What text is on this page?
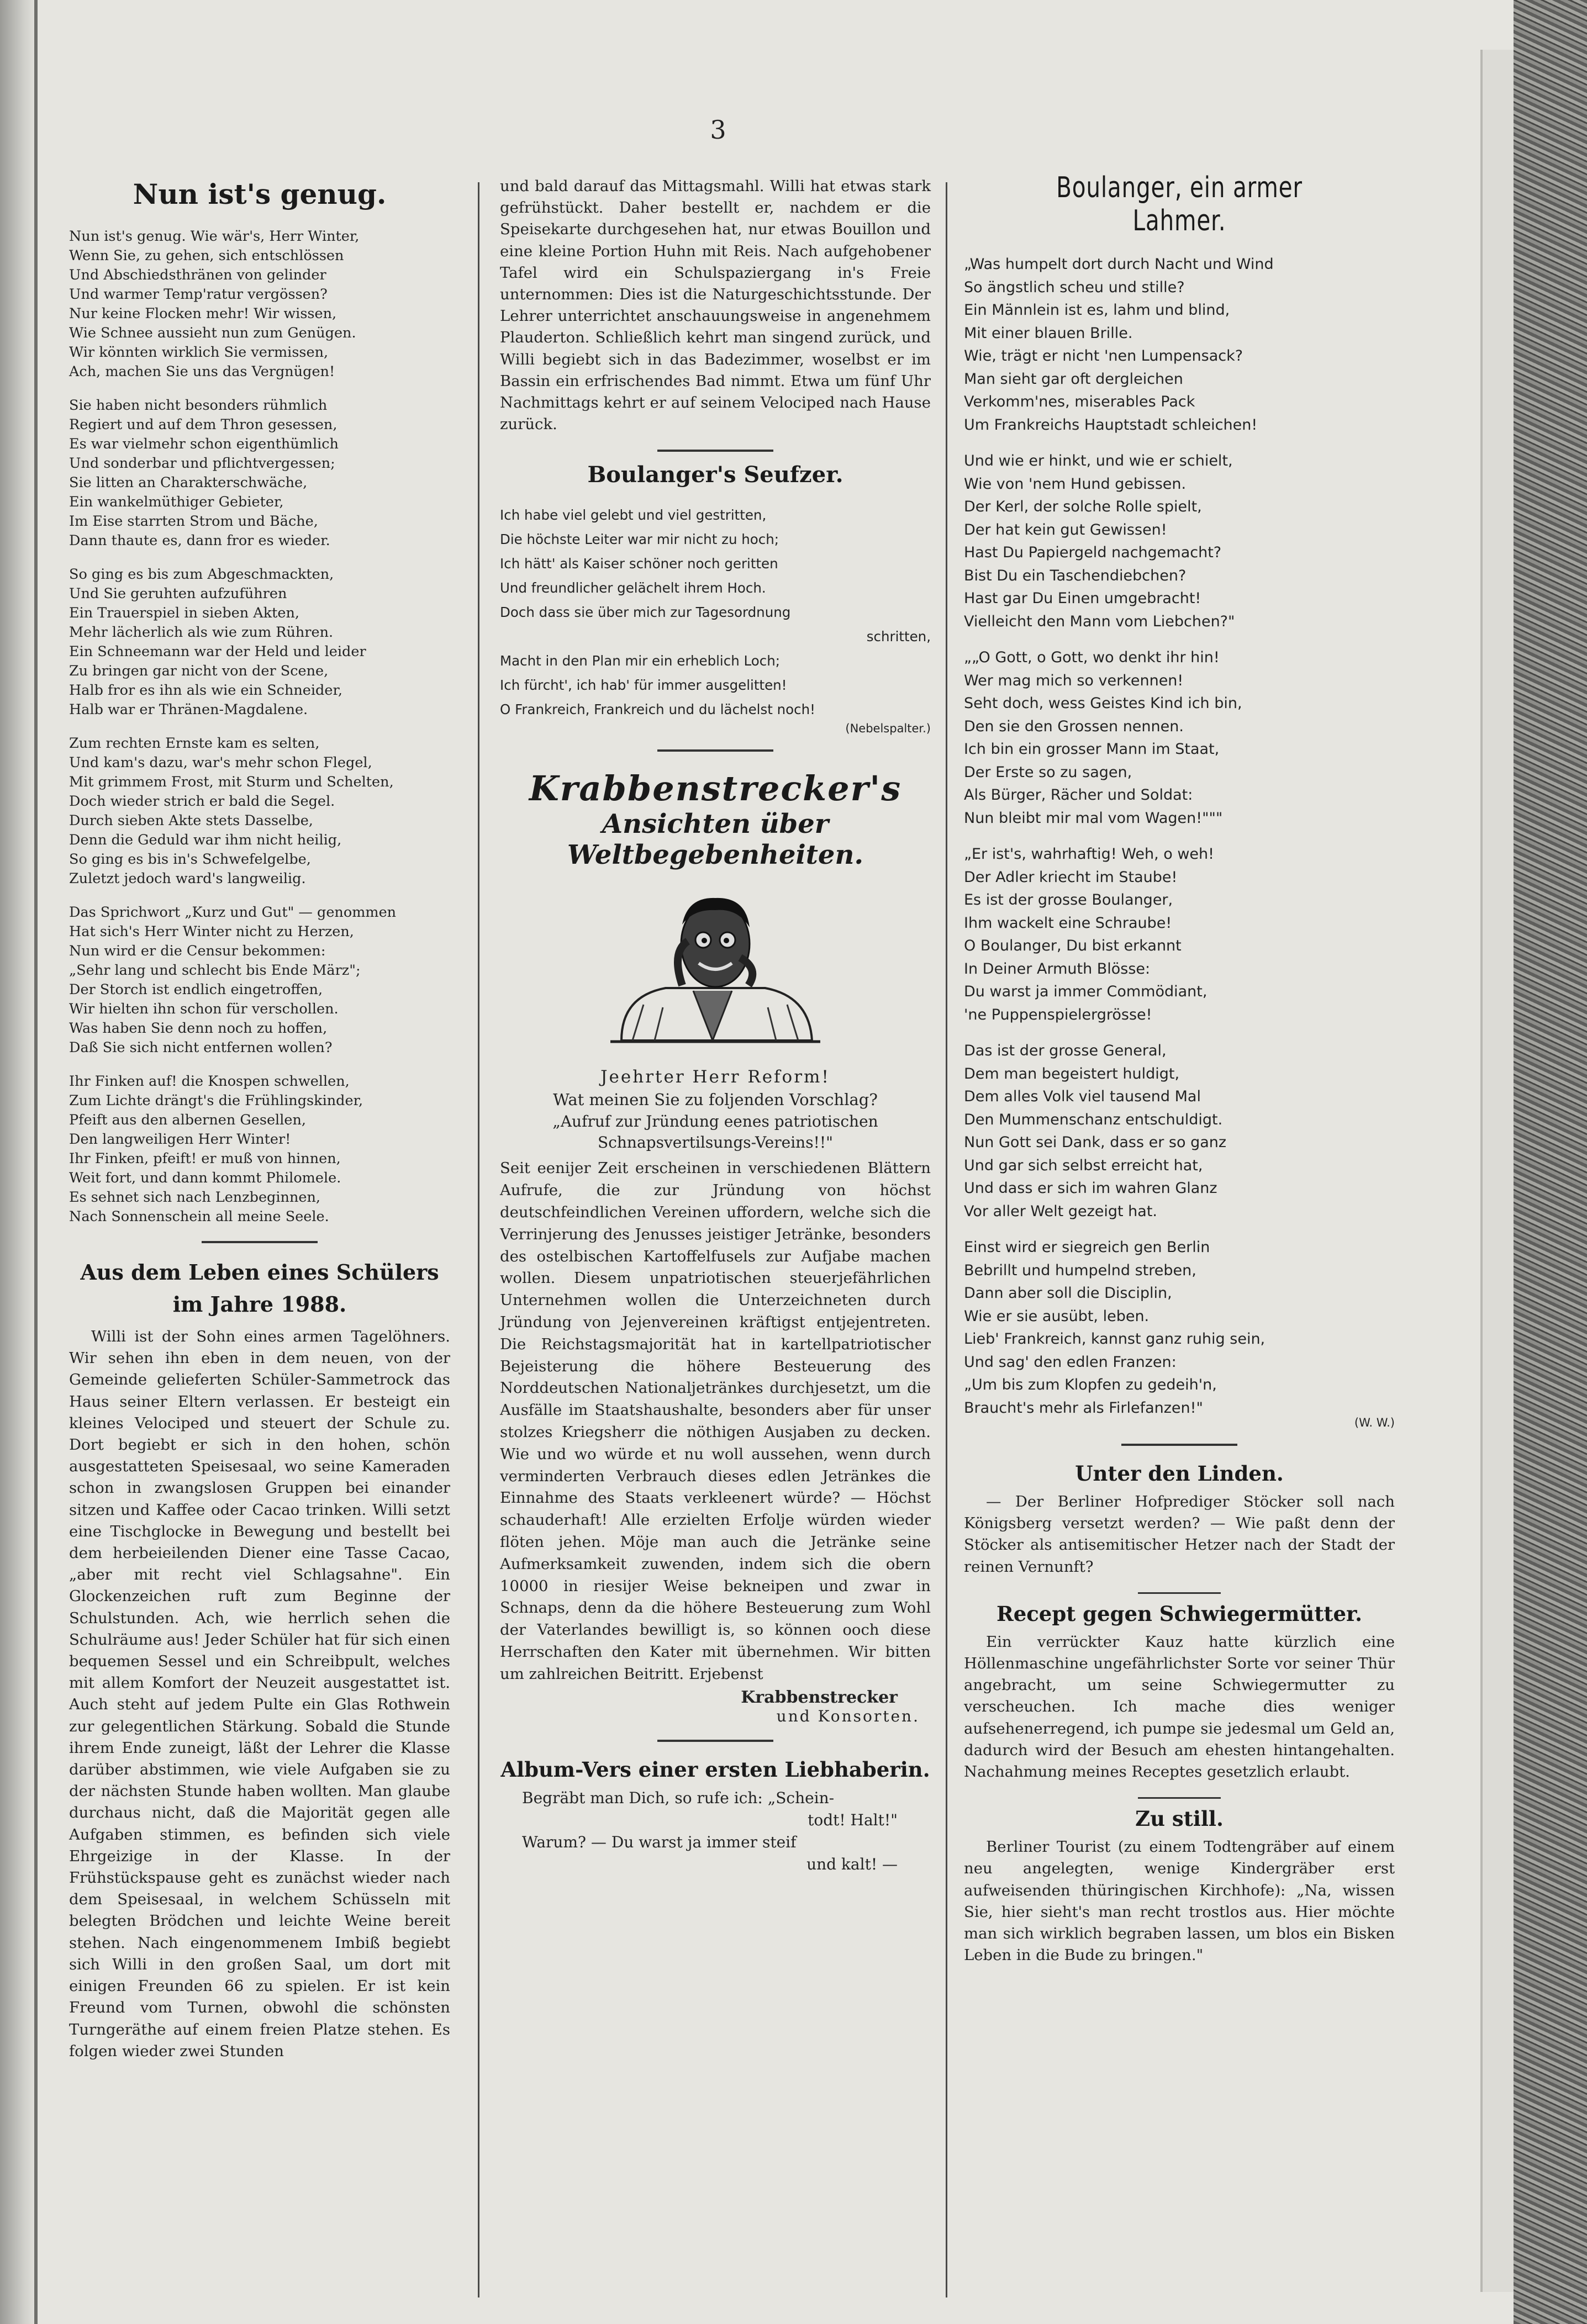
3
Nun ist's genug.
Nun ist's genug. Wie wär's, Herr Winter,
Wenn Sie, zu gehen, sich entschlössen
Und Abschiedsthränen von gelinder
Und warmer Temp'ratur vergössen?
Nur keine Flocken mehr! Wir wissen,
Wie Schnee aussieht nun zum Genügen.
Wir könnten wirklich Sie vermissen,
Ach, machen Sie uns das Vergnügen!
Sie haben nicht besonders rühmlich
Regiert und auf dem Thron gesessen,
Es war vielmehr schon eigenthümlich
Und sonderbar und pflichtvergessen;
Sie litten an Charakterschwäche,
Ein wankelmüthiger Gebieter,
Im Eise starrten Strom und Bäche,
Dann thaute es, dann fror es wieder.
So ging es bis zum Abgeschmackten,
Und Sie geruhten aufzuführen
Ein Trauerspiel in sieben Akten,
Mehr lächerlich als wie zum Rühren.
Ein Schneemann war der Held und leider
Zu bringen gar nicht von der Scene,
Halb fror es ihn als wie ein Schneider,
Halb war er Thränen-Magdalene.
Zum rechten Ernste kam es selten,
Und kam's dazu, war's mehr schon Flegel,
Mit grimmem Frost, mit Sturm und Schelten,
Doch wieder strich er bald die Segel.
Durch sieben Akte stets Dasselbe,
Denn die Geduld war ihm nicht heilig,
So ging es bis in's Schwefelgelbe,
Zuletzt jedoch ward's langweilig.
Das Sprichwort „Kurz und Gut" — genommen
Hat sich's Herr Winter nicht zu Herzen,
Nun wird er die Censur bekommen:
„Sehr lang und schlecht bis Ende März";
Der Storch ist endlich eingetroffen,
Wir hielten ihn schon für verschollen.
Was haben Sie denn noch zu hoffen,
Daß Sie sich nicht entfernen wollen?
Ihr Finken auf! die Knospen schwellen,
Zum Lichte drängt's die Frühlingskinder,
Pfeift aus den albernen Gesellen,
Den langweiligen Herr Winter!
Ihr Finken, pfeift! er muß von hinnen,
Weit fort, und dann kommt Philomele.
Es sehnet sich nach Lenzbeginnen,
Nach Sonnenschein all meine Seele.
Aus dem Leben eines Schülers
im Jahre 1988.

Willi ist der Sohn eines armen Tagelöhners. Wir sehen ihn eben in dem neuen, von der Gemeinde gelieferten Schüler-Sammetrock das Haus seiner Eltern verlassen. Er besteigt ein kleines Velociped und steuert der Schule zu. Dort begiebt er sich in den hohen, schön ausgestatteten Speisesaal, wo seine Kameraden schon in zwangslosen Gruppen bei einander sitzen und Kaffee oder Cacao trinken. Willi setzt eine Tischglocke in Bewegung und bestellt bei dem herbeieilenden Diener eine Tasse Cacao, „aber mit recht viel Schlagsahne". Ein Glockenzeichen ruft zum Beginne der Schulstunden. Ach, wie herrlich sehen die Schulräume aus! Jeder Schüler hat für sich einen bequemen Sessel und ein Schreibpult, welches mit allem Komfort der Neuzeit ausgestattet ist. Auch steht auf jedem Pulte ein Glas Rothwein zur gelegentlichen Stärkung. Sobald die Stunde ihrem Ende zuneigt, läßt der Lehrer die Klasse darüber abstimmen, wie viele Aufgaben sie zu der nächsten Stunde haben wollten. Man glaube durchaus nicht, daß die Majorität gegen alle Aufgaben stimmen, es befinden sich viele Ehrgeizige in der Klasse. In der Frühstückspause geht es zunächst wieder nach dem Speisesaal, in welchem Schüsseln mit belegten Brödchen und leichte Weine bereit stehen. Nach eingenommenem Imbiß begiebt sich Willi in den großen Saal, um dort mit einigen Freunden 66 zu spielen. Er ist kein Freund vom Turnen, obwohl die schönsten Turngeräthe auf einem freien Platze stehen. Es folgen wieder zwei Stunden

und bald darauf das Mittagsmahl. Willi hat etwas stark gefrühstückt. Daher bestellt er, nachdem er die Speisekarte durchgesehen hat, nur etwas Bouillon und eine kleine Portion Huhn mit Reis. Nach aufgehobener Tafel wird ein Schulspaziergang in's Freie unternommen: Dies ist die Naturgeschichtsstunde. Der Lehrer unterrichtet anschauungsweise in angenehmem Plauderton. Schließlich kehrt man singend zurück, und Willi begiebt sich in das Badezimmer, woselbst er im Bassin ein erfrischendes Bad nimmt. Etwa um fünf Uhr Nachmittags kehrt er auf seinem Velociped nach Hause zurück.

Boulanger's Seufzer.
Ich habe viel gelebt und viel gestritten,
Die höchste Leiter war mir nicht zu hoch;
Ich hätt' als Kaiser schöner noch geritten
Und freundlicher gelächelt ihrem Hoch.
Doch dass sie über mich zur Tagesordnung
schritten,
Macht in den Plan mir ein erheblich Loch;
Ich fürcht', ich hab' für immer ausgelitten!
O Frankreich, Frankreich und du lächelst noch!
(Nebelspalter.)
Krabbenstrecker's
Ansichten über Weltbegebenheiten.
Jeehrter Herr Reform!
Wat meinen Sie zu foljenden Vorschlag?
„Aufruf zur Jründung eenes patriotischen Schnapsvertilsungs-Vereins!!"

Seit eenijer Zeit erscheinen in verschiedenen Blättern Aufrufe, die zur Jründung von höchst deutschfeindlichen Vereinen uffordern, welche sich die Verrinjerung des Jenusses jeistiger Jetränke, besonders des ostelbischen Kartoffelfusels zur Aufjabe machen wollen. Diesem unpatriotischen steuerjefährlichen Unternehmen wollen die Unterzeichneten durch Jründung von Jejenvereinen kräftigst entjejentreten. Die Reichstagsmajorität hat in kartellpatriotischer Bejeisterung die höhere Besteuerung des Norddeutschen Nationaljetränkes durchjesetzt, um die Ausfälle im Staatshaushalte, besonders aber für unser stolzes Kriegsherr die nöthigen Ausjaben zu decken. Wie und wo würde et nu woll aussehen, wenn durch verminderten Verbrauch dieses edlen Jetränkes die Einnahme des Staats verkleenert würde? — Höchst schauderhaft! Alle erzielten Erfolje würden wieder flöten jehen. Möje man auch die Jetränke seine Aufmerksamkeit zuwenden, indem sich die obern 10000 in riesijer Weise bekneipen und zwar in Schnaps, denn da die höhere Besteuerung zum Wohl der Vaterlandes bewilligt is, so können ooch diese Herrschaften den Kater mit übernehmen. Wir bitten um zahlreichen Beitritt. Erjebenst

Krabbenstrecker
und Konsorten.
Album-Vers einer ersten Liebhaberin.
Begräbt man Dich, so rufe ich: „Schein-
todt! Halt!"
Warum? — Du warst ja immer steif
und kalt! —
Boulanger, ein armer Lahmer.
„Was humpelt dort durch Nacht und Wind
So ängstlich scheu und stille?
Ein Männlein ist es, lahm und blind,
Mit einer blauen Brille.
Wie, trägt er nicht 'nen Lumpensack?
Man sieht gar oft dergleichen
Verkomm'nes, miserables Pack
Um Frankreichs Hauptstadt schleichen!
Und wie er hinkt, und wie er schielt,
Wie von 'nem Hund gebissen.
Der Kerl, der solche Rolle spielt,
Der hat kein gut Gewissen!
Hast Du Papiergeld nachgemacht?
Bist Du ein Taschendiebchen?
Hast gar Du Einen umgebracht!
Vielleicht den Mann vom Liebchen?"
„„O Gott, o Gott, wo denkt ihr hin!
Wer mag mich so verkennen!
Seht doch, wess Geistes Kind ich bin,
Den sie den Grossen nennen.
Ich bin ein grosser Mann im Staat,
Der Erste so zu sagen,
Als Bürger, Rächer und Soldat:
Nun bleibt mir mal vom Wagen!"""
„Er ist's, wahrhaftig! Weh, o weh!
Der Adler kriecht im Staube!
Es ist der grosse Boulanger,
Ihm wackelt eine Schraube!
O Boulanger, Du bist erkannt
In Deiner Armuth Blösse:
Du warst ja immer Commödiant,
'ne Puppenspielergrösse!
Das ist der grosse General,
Dem man begeistert huldigt,
Dem alles Volk viel tausend Mal
Den Mummenschanz entschuldigt.
Nun Gott sei Dank, dass er so ganz
Und gar sich selbst erreicht hat,
Und dass er sich im wahren Glanz
Vor aller Welt gezeigt hat.
Einst wird er siegreich gen Berlin
Bebrillt und humpelnd streben,
Dann aber soll die Disciplin,
Wie er sie ausübt, leben.
Lieb' Frankreich, kannst ganz ruhig sein,
Und sag' den edlen Franzen:
„Um bis zum Klopfen zu gedeih'n,
Braucht's mehr als Firlefanzen!"
(W. W.)
Unter den Linden.

— Der Berliner Hofprediger Stöcker soll nach Königsberg versetzt werden? — Wie paßt denn der Stöcker als antisemitischer Hetzer nach der Stadt der reinen Vernunft?

Recept gegen Schwiegermütter.

Ein verrückter Kauz hatte kürzlich eine Höllenmaschine ungefährlichster Sorte vor seiner Thür angebracht, um seine Schwiegermutter zu verscheuchen. Ich mache dies weniger aufsehenerregend, ich pumpe sie jedesmal um Geld an, dadurch wird der Besuch am ehesten hintangehalten. Nachahmung meines Receptes gesetzlich erlaubt.

Zu still.

Berliner Tourist (zu einem Todtengräber auf einem neu angelegten, wenige Kindergräber erst aufweisenden thüringischen Kirchhofe): „Na, wissen Sie, hier sieht's man recht trostlos aus. Hier möchte man sich wirklich begraben lassen, um blos ein Bisken Leben in die Bude zu bringen."
